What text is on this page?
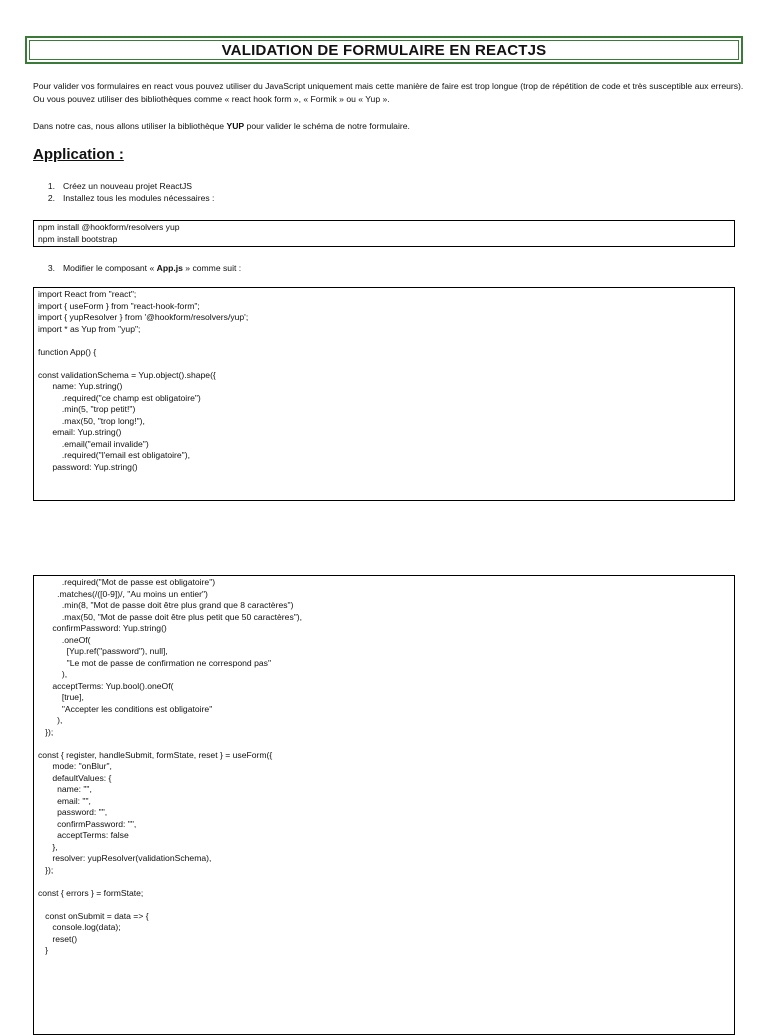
VALIDATION DE FORMULAIRE EN REACTJS

Pour valider vos formulaires en react vous pouvez utiliser du JavaScript uniquement mais cette manière de faire est trop longue (trop de répétition de code et très susceptible aux erreurs). Ou vous pouvez utiliser des bibliothèques comme « react hook form », « Formik » ou « Yup ».

Dans notre cas, nous allons utiliser la bibliothèque YUP pour valider le schéma de notre formulaire.

Application :
1. Créez un nouveau projet ReactJS
2. Installez tous les modules nécessaires :
npm install @hookform/resolvers yup
npm install bootstrap
3. Modifier le composant « App.js » comme suit :
import React from "react";
import { useForm } from "react-hook-form";
import { yupResolver } from '@hookform/resolvers/yup';
import * as Yup from "yup";

function App() {

const validationSchema = Yup.object().shape({
name: Yup.string()
.required("ce champ est obligatoire")
.min(5, "trop petit!")
.max(50, "trop long!"),
email: Yup.string()
.email("email invalide")
.required("l'email est obligatoire"),
password: Yup.string()
.required("Mot de passe est obligatoire")
.matches(/([0-9])/, "Au moins un entier")
.min(8, "Mot de passe doit être plus grand que 8 caractères")
.max(50, "Mot de passe doit être plus petit que 50 caractères"),
confirmPassword: Yup.string()
.oneOf(
[Yup.ref("password"), null],
"Le mot de passe de confirmation ne correspond pas"
),
acceptTerms: Yup.bool().oneOf(
[true],
"Accepter les conditions est obligatoire"
),
});

const { register, handleSubmit, formState, reset } = useForm({
mode: "onBlur",
defaultValues: {
name: "",
email: "",
password: "",
confirmPassword: "",
acceptTerms: false
},
resolver: yupResolver(validationSchema),
});

const { errors } = formState;

const onSubmit = data => {
console.log(data);
reset()
}
